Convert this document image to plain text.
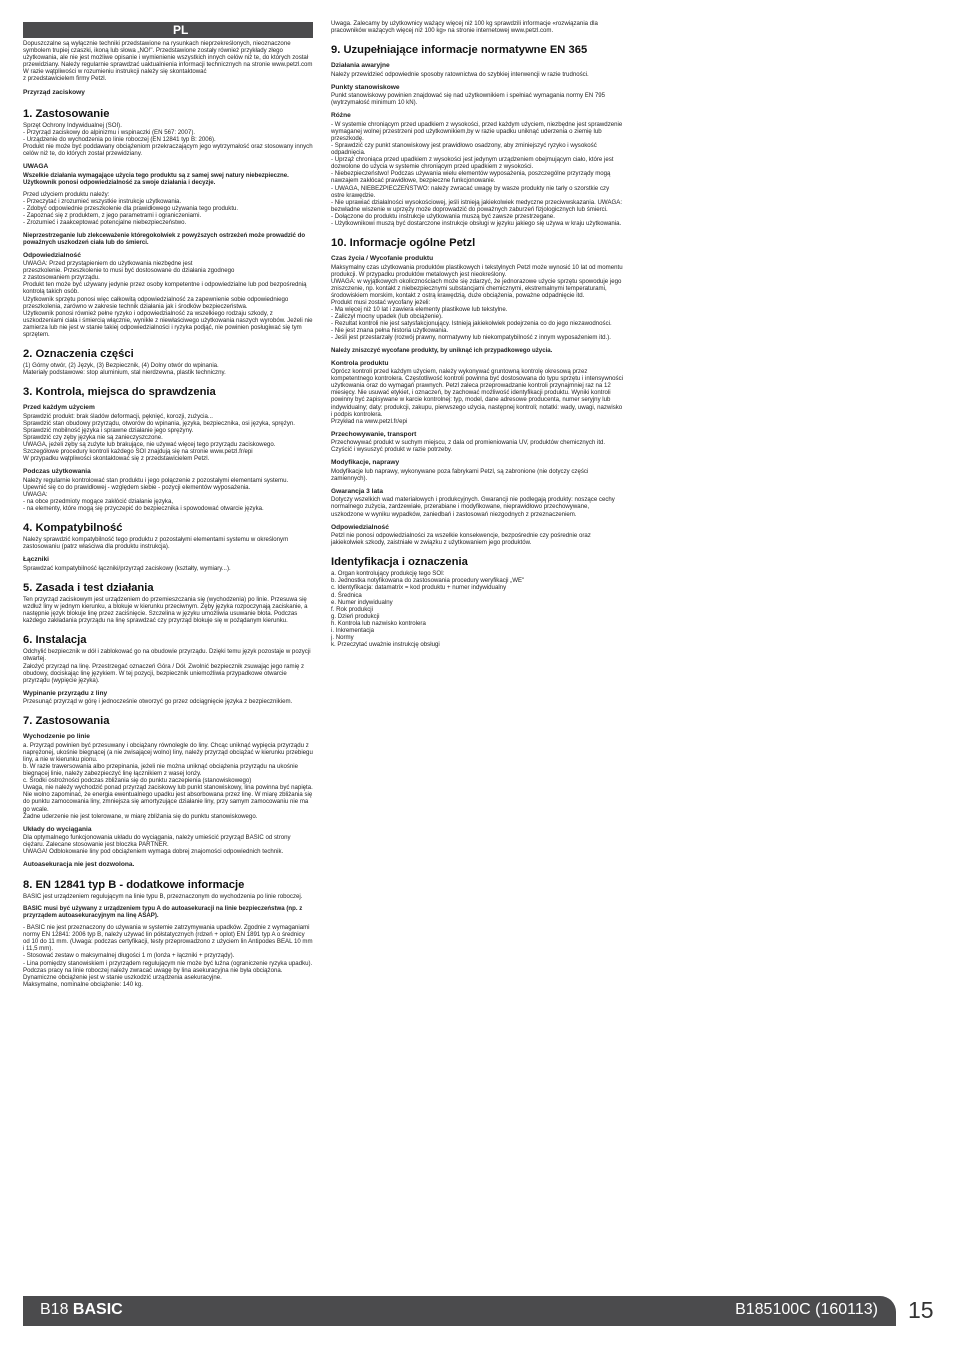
PL
Dopuszczalne są wyłącznie techniki przedstawione na rysunkach nieprzekreślonych, nieoznaczone symbolem trupiej czaszki, ikoną lub słowa „NO!". Przedstawione zostały również przykłady złego użytkowania, ale nie jest możliwe opisanie i wymienienie wszystkich innych celów niż te, do których został przewidziany. Należy regularnie sprawdzać uaktualnienia informacji technicznych na stronie www.petzl.com
W razie wątpliwości w rozumieniu instrukcji należy się skontaktować
z przedstawicielem firmy Petzl.
Przyrząd zaciskowy
1. Zastosowanie
Sprzęt Ochrony Indywidualnej (SOI).
- Przyrząd zaciskowy do alpinizmu i wspinaczki (EN 567: 2007).
- Urządzenie do wychodzenia po linie roboczej (EN 12841 typ B: 2006).
Produkt nie może być poddawany obciążeniom przekraczającym jego wytrzymałość oraz stosowany innych celów niż te, do których został przewidziany.
UWAGA
Wszelkie działania wymagające użycia tego produktu są z samej swej natury niebezpieczne.
Użytkownik ponosi odpowiedzialność za swoje działania i decyzje.
Przed użyciem produktu należy:
- Przeczytać i zrozumieć wszystkie instrukcje użytkowania.
- Zdobyć odpowiednie przeszkolenie dla prawidłowego używania tego produktu.
- Zapoznać się z produktem, z jego parametrami i ograniczeniami.
- Zrozumieć i zaakceptować potencjalne niebezpieczeństwo.
Nieprzestrzeganie lub zlekceważenie któregokolwiek z powyższych ostrzeżeń może prowadzić do poważnych uszkodzeń ciała lub do śmierci.
Odpowiedzialność
UWAGA: Przed przystąpieniem do użytkowania niezbędne jest
przeszkolenie. Przeszkolenie to musi być dostosowane do działania zgodnego
z zastosowaniem przyrządu.
Produkt ten może być używany jedynie przez osoby kompetentne i odpowiedzialne lub pod bezpośrednią kontrolą takich osób.
Użytkownik sprzętu ponosi więc całkowitą odpowiedzialność za zapewnienie sobie odpowiedniego przeszkolenia, zarówno w zakresie technik działania jak i środków bezpieczeństwa.
Użytkownik ponosi również pełne ryzyko i odpowiedzialność za wszelkiego rodzaju szkody, z uszkodzeniami ciała i śmiercią włącznie, wynikłe z niewłaściwego użytkowania naszych wyrobów. Jeżeli nie zamierza lub nie jest w stanie takiej odpowiedzialności i ryzyka podjąć, nie powinien posługiwać się tym sprzętem.
2. Oznaczenia części
(1) Górny otwór, (2) Język, (3) Bezpiecznik, (4) Dolny otwór do wpinania.
Materiały podstawowe: stop aluminium, stal nierdzewna, plastik techniczny.
3. Kontrola, miejsca do sprawdzenia
Przed każdym użyciem
Sprawdzić produkt: brak śladów deformacji, pęknięć, korozji, zużycia...
Sprawdzić stan obudowy przyrządu, otworów do wpinania, języka, bezpiecznika, osi języka, sprężyn.
Sprawdzić mobilność języka i sprawne działanie jego sprężyny.
Sprawdzić czy zęby języka nie są zanieczyszczone.
UWAGA, jeżeli zęby są zużyte lub brakujące, nie używać więcej tego przyrządu zaciskowego.
Szczegółowe procedury kontroli każdego SOI znajdują się na stronie www.petzl.fr/epi
W przypadku wątpliwości skontaktować się z przedstawicielem Petzl.
Podczas użytkowania
Należy regularnie kontrolować stan produktu i jego połączenie z pozostałymi elementami systemu. Upewnić się co do prawidłowej - względem siebie - pozycji elementów wyposażenia.
UWAGA:
- na obce przedmioty mogące zakłócić działanie języka,
- na elementy, które mogą się przyczepić do bezpiecznika i spowodować otwarcie języka.
4. Kompatybilność
Należy sprawdzić kompatybilność tego produktu z pozostałymi elementami systemu w określonym zastosowaniu (patrz właściwa dla produktu instrukcja).
Łączniki
Sprawdzać kompatybilność łączniki/przyrząd zaciskowy (kształty, wymiary...).
5. Zasada i test działania
Ten przyrząd zaciskowym jest urządzeniem do przemieszczania się (wychodzenia) po linie. Przesuwa się wzdłuż liny w jednym kierunku, a blokuje w kierunku przeciwnym. Zęby języka rozpoczynają zaciskanie, a następnie język blokuje linę przez zaciśnięcie. Szczelina w języku umożliwia usuwanie błota. Podczas każdego zakładania przyrządu na linę sprawdzać czy przyrząd blokuje się w pożądanym kierunku.
6. Instalacja
Odchylić bezpiecznik w dół i zablokować go na obudowie przyrządu. Dzięki temu język pozostaje w pozycji otwartej.
Założyć przyrząd na linę. Przestrzegać oznaczeń Góra / Dół. Zwolnić bezpiecznik zsuwając jego ramię z obudowy, dociskając linę językiem. W tej pozycji, bezpiecznik uniemożliwia przypadkowe otwarcie przyrządu (wypięcie języka).
Wypinanie przyrządu z liny
Przesunąć przyrząd w górę i jednocześnie otworzyć go przez odciągnięcie języka z bezpiecznikiem.
7. Zastosowania
Wychodzenie po linie
a. Przyrząd powinien być przesuwany i obciążany równolegle do liny. Chcąc uniknąć wypięcia przyrządu z naprężonej, ukośnie biegnącej (a nie zwisającej wolno) liny, należy przyrząd obciążać w kierunku przebiegu liny, a nie w kierunku pionu.
b. W razie trawersowania albo przepinania, jeżeli nie można uniknąć obciążenia przyrządu na ukośnie biegnącej linie, należy zabezpieczyć linę łącznikiem z wasej lonży.
c. Środki ostrożności podczas zbliżania się do punktu zaczepienia (stanowiskowego)
Uwaga, nie należy wychodzić ponad przyrząd zaciskowy lub punkt stanowiskowy, lina powinna być napięta.
Nie wolno zapominać, że energia ewentualnego upadku jest absorbowana przez linę. W miarę zbliżania się do punktu zamocowania liny, zmniejsza się amortyzujące działanie liny, przy samym zamocowaniu nie ma go wcale.
Żadne uderzenie nie jest tolerowane, w miarę zbliżania się do punktu stanowiskowego.
Układy do wyciągania
Dla optymalnego funkcjonowania układu do wyciągania, należy umieścić przyrząd BASIC od strony ciężaru. Zalecane stosowanie jest bloczka PARTNER.
UWAGA! Odblokowanie liny pod obciążeniem wymaga dobrej znajomości odpowiednich technik.
Autoasekuracja nie jest dozwolona.
8. EN 12841 typ B - dodatkowe informacje
BASIC jest urządzeniem regulującym na linie typu B, przeznaczonym do wychodzenia po linie roboczej.
BASIC musi być używany z urządzeniem typu A do autoasekuracji na linie bezpieczeństwa (np. z przyrządem autoasekuracyjnym na linę ASAP).
- BASIC nie jest przeznaczony do używania w systemie zatrzymywania upadków. Zgodnie z wymaganiami normy EN 12841: 2006 typ B, należy używać lin półstatycznych (rdzeń + oplot) EN 1891 typ A o średnicy od 10 do 11 mm. (Uwaga: podczas certyfikacji, testy przeprowadzono z użyciem lin Antipodes BEAL 10 mm i 11,5 mm).
- Stosować zestaw o maksymalnej długości 1 m (lonża + łączniki + przyrządy).
- Lina pomiędzy stanowiskiem i przyrządem regulującym nie może być luźna (ograniczenie ryzyka upadku).
Podczas pracy na linie roboczej należy zwracać uwagę by lina asekuracyjna nie była obciążona.
Dynamiczne obciążenie jest w stanie uszkodzić urządzenia asekuracyjne.
Maksymalne, nominalne obciążenie: 140 kg.
Uwaga. Zalecamy by użytkownicy ważący więcej niż 100 kg sprawdzili informacje «rozwiązania dla pracowników ważących więcej niż 100 kg» na stronie internetowej www.petzl.com.
9. Uzupełniające informacje normatywne EN 365
Działania awaryjne
Należy przewidzieć odpowiednie sposoby ratownictwa do szybkiej interwencji w razie trudności.
Punkty stanowiskowe
Punkt stanowiskowy powinien znajdować się nad użytkownikiem i spełniać wymagania normy EN 795 (wytrzymałość minimum 10 kN).
Różne
- W systemie chroniącym przed upadkiem z wysokości, przed każdym użyciem, niezbędne jest sprawdzenie wymaganej wolnej przestrzeni pod użytkownikiem,by w razie upadku uniknąć uderzenia o ziemię lub przeszkodę.
- Sprawdzić czy punkt stanowiskowy jest prawidłowo osadzony, aby zminiejszyć ryzyko i wysokość odpadnięcia.
- Uprząż chroniąca przed upadkiem z wysokości jest jedynym urządzeniem obejmującym ciało, które jest dozwolone do użycia w systemie chroniącym przed upadkiem z wysokości.
- Niebezpieczeństwo! Podczas używania wielu elementów wyposażenia, poszczególne przyrządy mogą nawzajem zakłócać prawidłowe, bezpieczne funkcjonowanie.
- UWAGA, NIEBEZPIECZEŃSTWO: należy zwracać uwagę by wasze produkty nie tarły o szorstkie czy ostre krawędzie.
- Nie uprawiać działalności wysokościowej, jeśli istnieją jakiekolwiek medyczne przeciwwskazania. UWAGA: bezwładne wiszenie w uprzęży może doprowadzić do poważnych zaburzeń fizjologicznych lub śmierci.
- Dołączone do produktu instrukcje użytkowania muszą być zawsze przestrzegane.
- Użytkownikowi muszą być dostarczone instrukcje obsługi w języku jakiego się używa w kraju użytkowania.
10. Informacje ogólne Petzl
Czas życia / Wycofanie produktu
Maksymalny czas użytkowania produktów plastikowych i tekstylnych Petzl może wynosić 10 lat od momentu produkcji. W przypadku produktów metalowych jest nieokreślony.
UWAGA: w wyjątkowych okolicznościach może się zdarzyć, że jednorazowe użycie sprzętu spowoduje jego zniszczenie, np. kontakt z niebezpiecznymi substancjami chemicznymi, ekstremalnymi temperaturami, środowiskiem morskim, kontakt z ostrą krawędzią, duże obciążenia, poważne odpadnięcie itd.
Produkt musi zostać wycofany jeżeli:
- Ma więcej niż 10 lat i zawiera elementy plastikowe lub tekstylne.
- Zaliczył mocny upadek (lub obciążenie).
- Rezultat kontroli nie jest satysfakcjonujący. Istnieją jakiekolwiek podejrzenia co do jego niezawodności.
- Nie jest znana pełna historia użytkowania.
- Jeśli jest przestarzały (rozwój prawny, normatywny lub niekompatybilność z innym wyposażeniem itd.).
Należy zniszczyć wycofane produkty, by uniknąć ich przypadkowego użycia.
Kontrola produktu
Oprócz kontroli przed każdym użyciem, należy wykonywać gruntowną kontrolę okresową przez kompetentnego kontrolera. Częstotliwość kontroli powinna być dostosowana do typu sprzętu i intensywności użytkowania oraz do wymagań prawnych. Petzl zaleca przeprowadzanie kontroli przynajmniej raz na 12 miesięcy. Nie usuwać etykiet, i oznaczeń, by zachować możliwość identyfikacji produktu. Wyniki kontroli powinny być zapisywane w karcie kontrolnej: typ, model, dane adresowe producenta, numer seryjny lub indywidualny; daty: produkcji, zakupu, pierwszego użycia, następnej kontroli; notatki: wady, uwagi, nazwisko i podpis kontrolera.
Przykład na www.petzl.fr/epi
Przechowywanie, transport
Przechowywać produkt w suchym miejscu, z dala od promieniowania UV, produktów chemicznych itd. Czyścić i wysuszyć produkt w razie potrzeby.
Modyfikacje, naprawy
Modyfikacje lub naprawy, wykonywane poza fabrykami Petzl, są zabronione (nie dotyczy części zamiennych).
Gwarancja 3 lata
Dotyczy wszelkich wad materiałowych i produkcyjnych. Gwarancji nie podlegają produkty: noszące cechy normalnego zużycia, zardzewiałe, przerabiane i modyfikowane, nieprawidłowo przechowywane, uszkodzone w wyniku wypadków, zaniedbań i zastosowań niezgodnych z przeznaczeniem.
Odpowiedzialność
Petzl nie ponosi odpowiedzialności za wszelkie konsekwencje, bezpośrednie czy pośrednie oraz jakiekolwiek szkody, zaistniałe w związku z użytkowaniem jego produktów.
Identyfikacja i oznaczenia
a. Organ kontrolujący produkcję tego SOI:
b. Jednostka notyfikowana do zastosowania procedury weryfikacji „WE"
c. Identyfikacja: datamatrix = kod produktu + numer indywidualny
d. Średnica
e. Numer indywidualny
f. Rok produkcji
g. Dzień produkcji
h. Kontrola lub nazwisko kontrolera
i. Inkrementacja
j. Normy
k. Przeczytać uważnie instrukcję obsługi
B18 BASIC	B185100C (160113) 15
